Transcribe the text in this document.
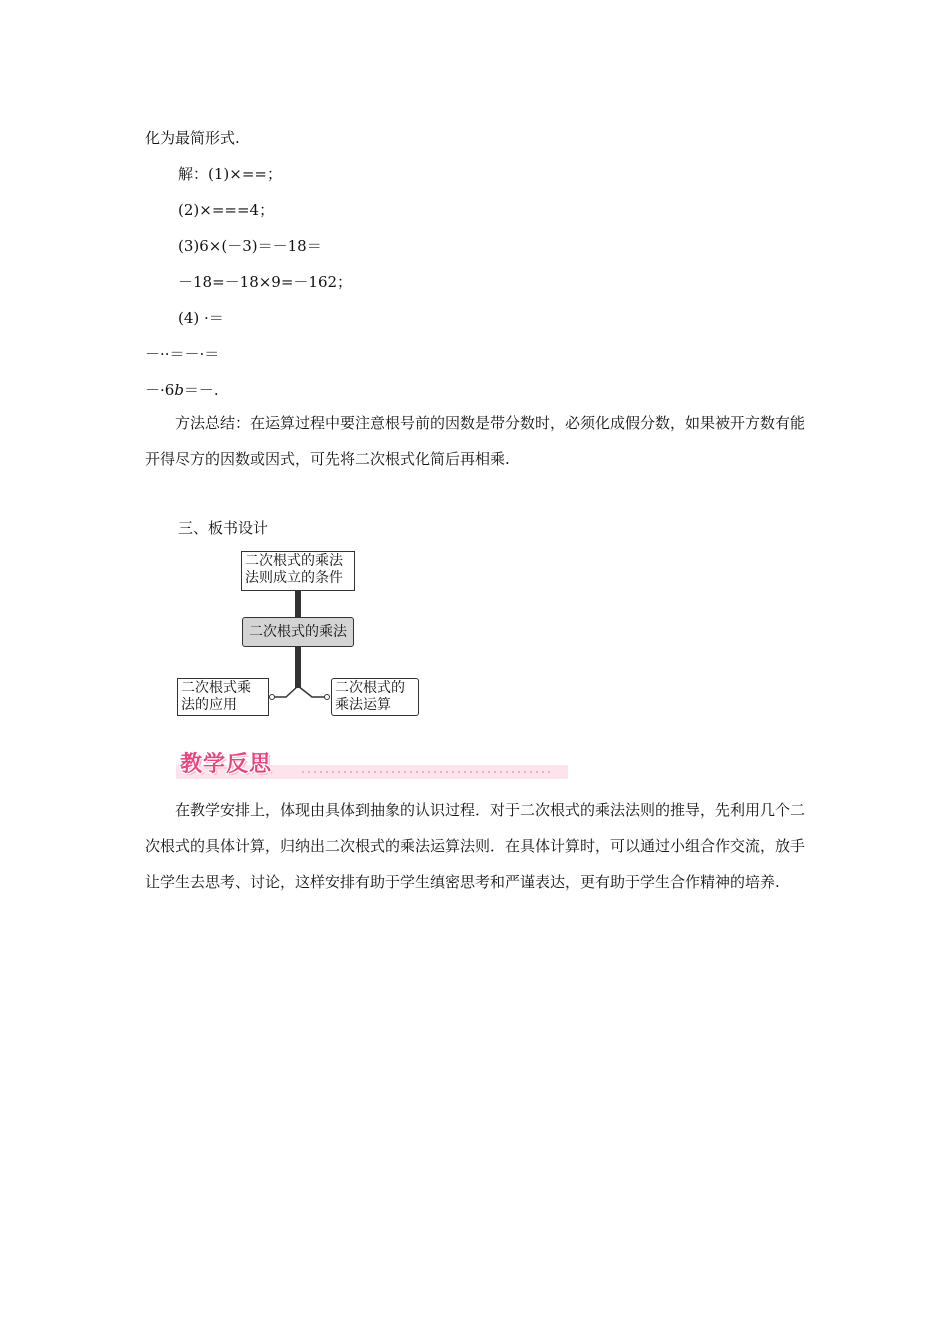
化为最简形式.
解：(1)×==；
(2)×===4；
(3)6×(－3)＝－18＝
－18=－18×9=－162；
(4) ·＝
－··＝－·＝
－·6b＝－.
方法总结：在运算过程中要注意根号前的因数是带分数时，必须化成假分数，如果被开方数有能开得尽方的因数或因式，可先将二次根式化简后再相乘.
三、板书设计
二次根式的乘法
法则成立的条件
二次根式的乘法
二次根式乘
法的应用
二次根式的
乘法运算
教学反思
在教学安排上，体现由具体到抽象的认识过程．对于二次根式的乘法法则的推导，先利用几个二次根式的具体计算，归纳出二次根式的乘法运算法则．在具体计算时，可以通过小组合作交流，放手让学生去思考、讨论，这样安排有助于学生缜密思考和严谨表达，更有助于学生合作精神的培养.
